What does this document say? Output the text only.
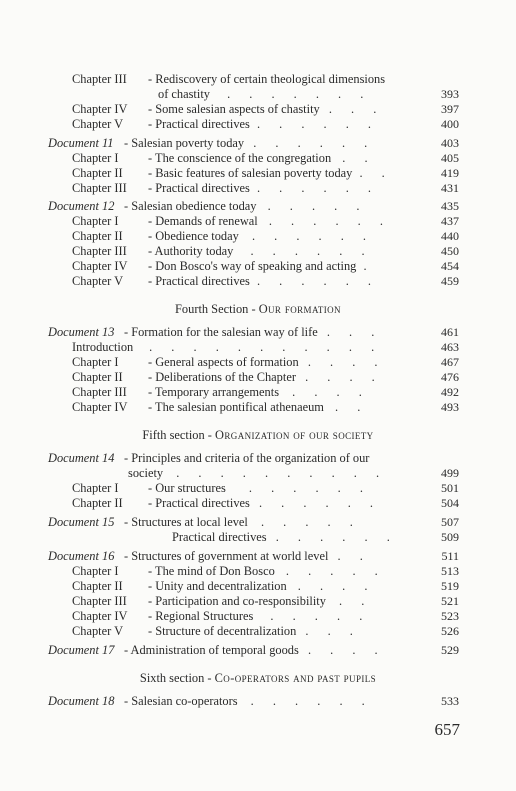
Chapter III - Rediscovery of certain theological dimensions
of chastity . . . . . . .	393
Chapter IV - Some salesian aspects of chastity . . .	397
Chapter V - Practical directives . . . . . .	400
Document 11 - Salesian poverty today . . . . . .	403
Chapter I - The conscience of the congregation . .	405
Chapter II - Basic features of salesian poverty today . .	419
Chapter III - Practical directives . . . . . .	431
Document 12 - Salesian obedience today . . . . .	435
Chapter I - Demands of renewal . . . . . .	437
Chapter II - Obedience today . . . . . .	440
Chapter III - Authority today . . . . . .	450
Chapter IV - Don Bosco's way of speaking and acting .	454
Chapter V - Practical directives . . . . . .	459
Fourth Section - Our formation
Document 13 - Formation for the salesian way of life . . .	461
Introduction . . . . . . . . . . .	463
Chapter I - General aspects of formation . . . .	467
Chapter II - Deliberations of the Chapter . . . .	476
Chapter III - Temporary arrangements . . . .	492
Chapter IV - The salesian pontifical athenaeum . .	493
Fifth section - Organization of our society
Document 14 - Principles and criteria of the organization of our
society . . . . . . . . . .	499
Chapter I - Our structures . . . . . .	501
Chapter II - Practical directives . . . . . .	504
Document 15 - Structures at local level . . . . .	507
Practical directives . . . . . .	509
Document 16 - Structures of government at world level . .	511
Chapter I - The mind of Don Bosco . . . . .	513
Chapter II - Unity and decentralization . . . .	519
Chapter III - Participation and co-responsibility . .	521
Chapter IV - Regional Structures . . . . .	523
Chapter V - Structure of decentralization . . .	526
Document 17 - Administration of temporal goods . . . .	529
Sixth section - Co-operators and past pupils
Document 18 - Salesian co-operators . . . . . .	533
657
